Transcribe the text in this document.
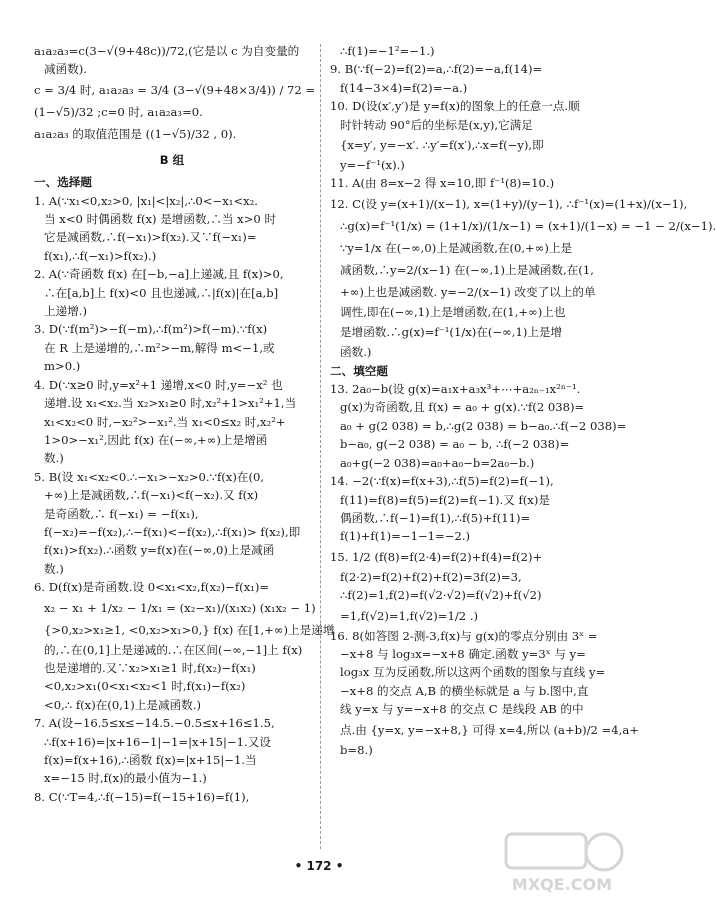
a₁a₂a₃=c(3−√(9+48c))/72,(它是以 c 为自变量的
减函数).
c = 3/4 时, a₁a₂a₃ = 3/4 (3−√(9+48×3/4)) / 72 =
(1−√5)/32 ;c=0 时, a₁a₂a₃=0.
a₁a₂a₃ 的取值范围是 ((1−√5)/32 , 0).
B 组
一、选择题
1. A(∵x₁<0,x₂>0, |x₁|<|x₂|,∴0<−x₁<x₂.
当 x<0 时偶函数 f(x) 是增函数,∴当 x>0 时
它是减函数,∴f(−x₁)>f(x₂).又∵f(−x₁)=
f(x₁),∴f(−x₁)>f(x₂).)
2. A(∵奇函数 f(x) 在[−b,−a]上递减,且 f(x)>0,
∴在[a,b]上 f(x)<0 且也递减,∴|f(x)|在[a,b]
上递增.)
3. D(∵f(m²)>−f(−m),∴f(m²)>f(−m).∵f(x)
在 R 上是递增的,∴m²>−m,解得 m<−1,或
m>0.)
4. D(∵x≥0 时,y=x²+1 递增,x<0 时,y=−x² 也
递增.设 x₁<x₂.当 x₂>x₁≥0 时,x₂²+1>x₁²+1,当
x₁<x₂<0 时,−x₂²>−x₁².当 x₁<0≤x₂ 时,x₂²+
1>0>−x₁²,因此 f(x) 在(−∞,+∞)上是增函
数.)
5. B(设 x₁<x₂<0.∴−x₁>−x₂>0.∵f(x)在(0,
+∞)上是减函数,∴f(−x₁)<f(−x₂).又 f(x)
是奇函数,∴ f(−x₁) = −f(x₁),
f(−x₂)=−f(x₂),∴−f(x₁)<−f(x₂),∴f(x₁)> f(x₂),即
f(x₁)>f(x₂).∴函数 y=f(x)在(−∞,0)上是减函
数.)
6. D(f(x)是奇函数.设 0<x₁<x₂,f(x₂)−f(x₁)=
x₂ − x₁ + 1/x₂ − 1/x₁ = (x₂−x₁)/(x₁x₂) (x₁x₂ − 1)
{>0,x₂>x₁≥1, <0,x₂>x₁>0,} f(x) 在[1,+∞)上是递增
的,∴在(0,1]上是递减的.∴在区间(−∞,−1]上 f(x)
也是递增的.又∵x₂>x₁≥1 时,f(x₂)−f(x₁)
<0,x₂>x₁(0<x₁<x₂<1 时,f(x₁)−f(x₂)
<0,∴ f(x)在(0,1)上是减函数.)
7. A(设−16.5≤x≤−14.5.−0.5≤x+16≤1.5,
∴f(x+16)=|x+16−1|−1=|x+15|−1.又设
f(x)=f(x+16),∴函数 f(x)=|x+15|−1.当
x=−15 时,f(x)的最小值为−1.)
8. C(∵T=4,∴f(−15)=f(−15+16)=f(1),
∴f(1)=−1²=−1.)
9. B(∵f(−2)=f(2)=a,∴f(2)=−a,f(14)=
f(14−3×4)=f(2)=−a.)
10. D(设(x′,y′)是 y=f(x)的图象上的任意一点.顺
时针转动 90°后的坐标是(x,y),它满足
{x=y′, y=−x′. ∴y′=f(x′),∴x=f(−y),即
y=−f⁻¹(x).)
11. A(由 8=x−2 得 x=10,即 f⁻¹(8)=10.)
12. C(设 y=(x+1)/(x−1), x=(1+y)/(y−1), ∴f⁻¹(x)=(1+x)/(x−1),
∴g(x)=f⁻¹(1/x) = (1+1/x)/(1/x−1) = (x+1)/(1−x) = −1 − 2/(x−1).
∵y=1/x 在(−∞,0)上是减函数,在(0,+∞)上是
减函数,∴y=2/(x−1) 在(−∞,1)上是减函数,在(1,
+∞)上也是减函数. y=−2/(x−1) 改变了以上的单
调性,即在(−∞,1)上是增函数,在(1,+∞)上也
是增函数.∴g(x)=f⁻¹(1/x)在(−∞,1)上是增
函数.)
二、填空题
13. 2a₀−b(设 g(x)=a₁x+a₃x³+⋯+a₂ₙ₋₁x²ⁿ⁻¹.
g(x)为奇函数,且 f(x) = a₀ + g(x).∵f(2 038)=
a₀ + g(2 038) = b,∴g(2 038) = b−a₀.∴f(−2 038)=
b−a₀, g(−2 038) = a₀ − b, ∴f(−2 038)=
a₀+g(−2 038)=a₀+a₀−b=2a₀−b.)
14. −2(∵f(x)=f(x+3),∴f(5)=f(2)=f(−1),
f(11)=f(8)=f(5)=f(2)=f(−1).又 f(x)是
偶函数,∴f(−1)=f(1),∴f(5)+f(11)=
f(1)+f(1)=−1−1=−2.)
15. 1/2 (f(8)=f(2·4)=f(2)+f(4)=f(2)+
f(2·2)=f(2)+f(2)+f(2)=3f(2)=3,
∴f(2)=1,f(2)=f(√2·√2)=f(√2)+f(√2)
=1,f(√2)=1,f(√2)=1/2 .)
16. 8(如答图 2-测-3,f(x)与 g(x)的零点分别由 3ˣ =
−x+8 与 log₃x=−x+8 确定.函数 y=3ˣ 与 y=
log₃x 互为反函数,所以这两个函数的图象与直线 y=
−x+8 的交点 A,B 的横坐标就是 a 与 b.图中,直
线 y=x 与 y=−x+8 的交点 C 是线段 AB 的中
点.由 {y=x, y=−x+8,} 可得 x=4,所以 (a+b)/2 =4,a+
b=8.)
• 172 •
MXQE.COM
